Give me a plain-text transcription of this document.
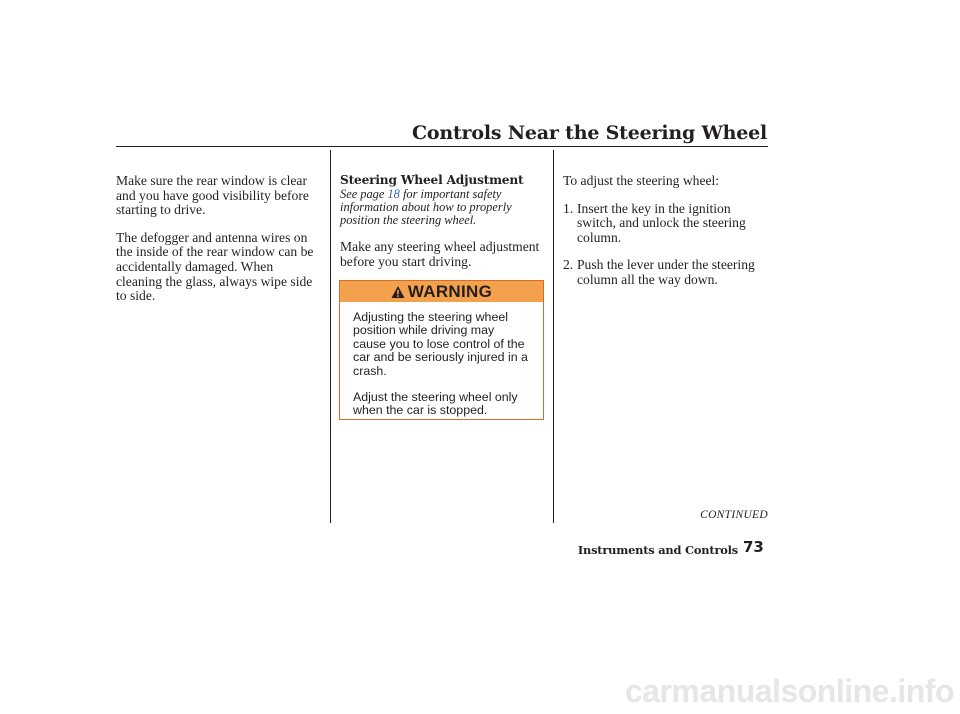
Controls Near the Steering Wheel

Make sure the rear window is clear
and you have good visibility before
starting to drive.

The defogger and antenna wires on
the inside of the rear window can be
accidentally damaged. When
cleaning the glass, always wipe side
to side.

Steering Wheel Adjustment

See page 18 for important safety
information about how to properly
position the steering wheel.

Make any steering wheel adjustment
before you start driving.

WARNING

Adjusting the steering wheel
position while driving may
cause you to lose control of the
car and be seriously injured in a
crash.

Adjust the steering wheel only
when the car is stopped.

To adjust the steering wheel:

1. Insert the key in the ignition
switch, and unlock the steering
column.
2. Push the lever under the steering
column all the way down.
CONTINUED
Instruments and Controls 73
carmanualsonline.info
